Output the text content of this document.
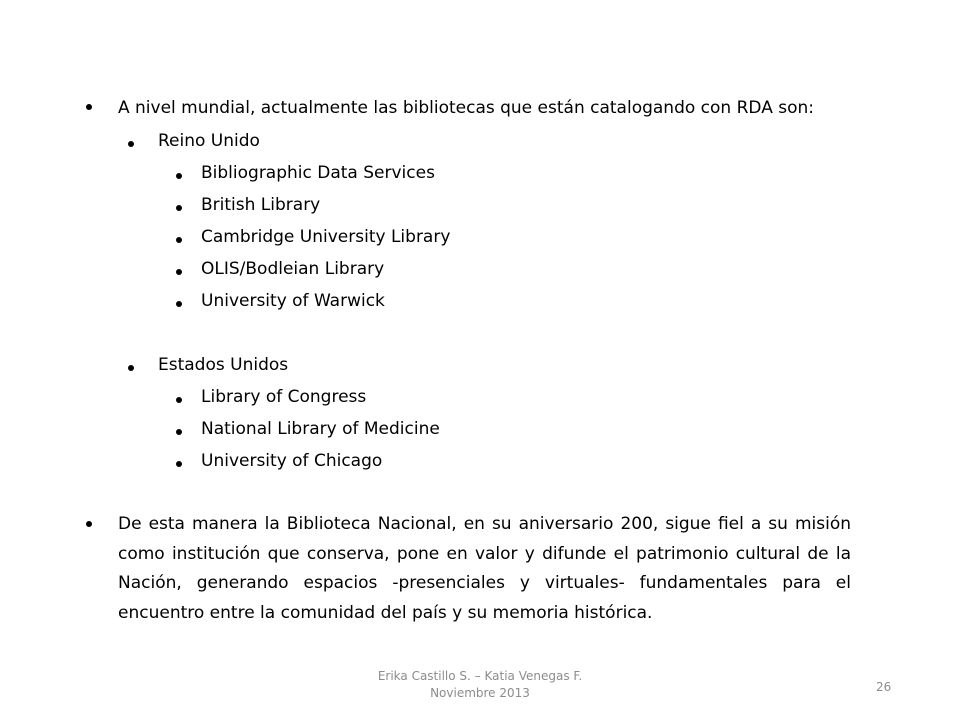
A nivel mundial, actualmente las bibliotecas que están catalogando con RDA son:
Reino Unido
Bibliographic Data Services
British Library
Cambridge University Library
OLIS/Bodleian Library
University of Warwick
Estados Unidos
Library of Congress
National Library of Medicine
University of Chicago
De esta manera la Biblioteca Nacional, en su aniversario 200, sigue fiel a su misión como institución que conserva, pone en valor y difunde el patrimonio cultural de la Nación, generando espacios -presenciales y virtuales- fundamentales para el encuentro entre la comunidad del país y su memoria histórica.
Erika Castillo S. – Katia Venegas F.
Noviembre 2013	26
